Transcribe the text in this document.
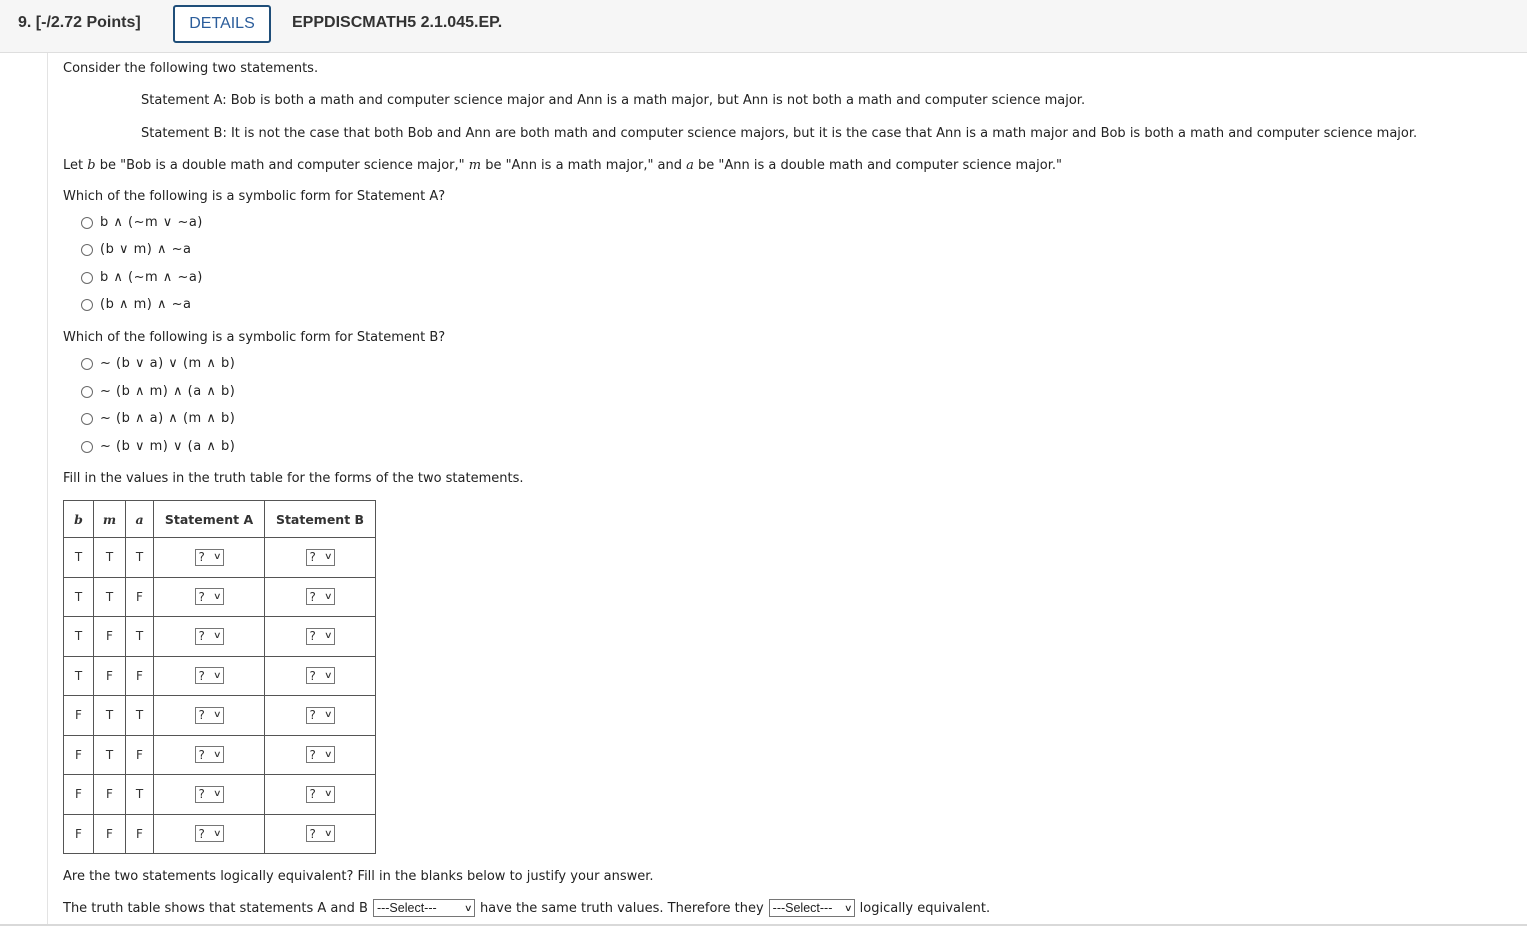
9. [-/2.72 Points]	DETAILS	EPPDISCMATH5 2.1.045.EP.
Consider the following two statements.
Statement A: Bob is both a math and computer science major and Ann is a math major, but Ann is not both a math and computer science major.
Statement B: It is not the case that both Bob and Ann are both math and computer science majors, but it is the case that Ann is a math major and Bob is both a math and computer science major.
Let b be "Bob is a double math and computer science major," m be "Ann is a math major," and a be "Ann is a double math and computer science major."
Which of the following is a symbolic form for Statement A?
b ∧ (~m ∨ ~a)
(b ∨ m) ∧ ~a
b ∧ (~m ∧ ~a)
(b ∧ m) ∧ ~a
Which of the following is a symbolic form for Statement B?
~ (b ∨ a) ∨ (m ∧ b)
~ (b ∧ m) ∧ (a ∧ b)
~ (b ∧ a) ∧ (m ∧ b)
~ (b ∨ m) ∨ (a ∧ b)
Fill in the values in the truth table for the forms of the two statements.
b	m	a	Statement A	Statement B
T	T	T	? ∨	? ∨

T	T	F	? ∨	? ∨

T	F	T	? ∨	? ∨

T	F	F	? ∨	? ∨

F	T	T	? ∨	? ∨

F	T	F	? ∨	? ∨

F	F	T	? ∨	? ∨

F	F	F	? ∨	? ∨
Are the two statements logically equivalent? Fill in the blanks below to justify your answer.
The truth table shows that statements A and B ---Select---	∨ have the same truth values. Therefore they ---Select--- ∨ logically equivalent.
